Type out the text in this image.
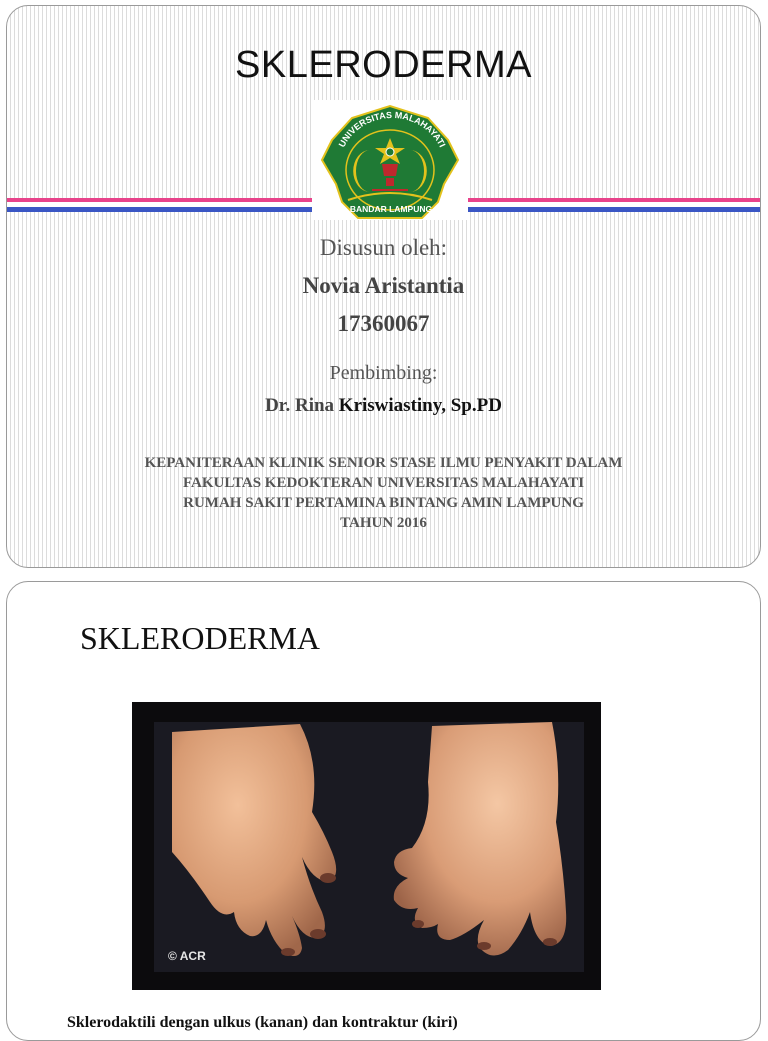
SKLERODERMA
UNIVERSITAS MALAHAYATI
BANDAR LAMPUNG
Disusun oleh:
Novia Aristantia
17360067
Pembimbing:
Dr. Rina Kriswiastiny, Sp.PD
KEPANITERAAN KLINIK SENIOR STASE ILMU PENYAKIT DALAM
FAKULTAS KEDOKTERAN UNIVERSITAS MALAHAYATI
RUMAH SAKIT PERTAMINA BINTANG AMIN LAMPUNG
TAHUN 2016
SKLERODERMA
© ACR
Sklerodaktili dengan ulkus (kanan) dan kontraktur (kiri)
